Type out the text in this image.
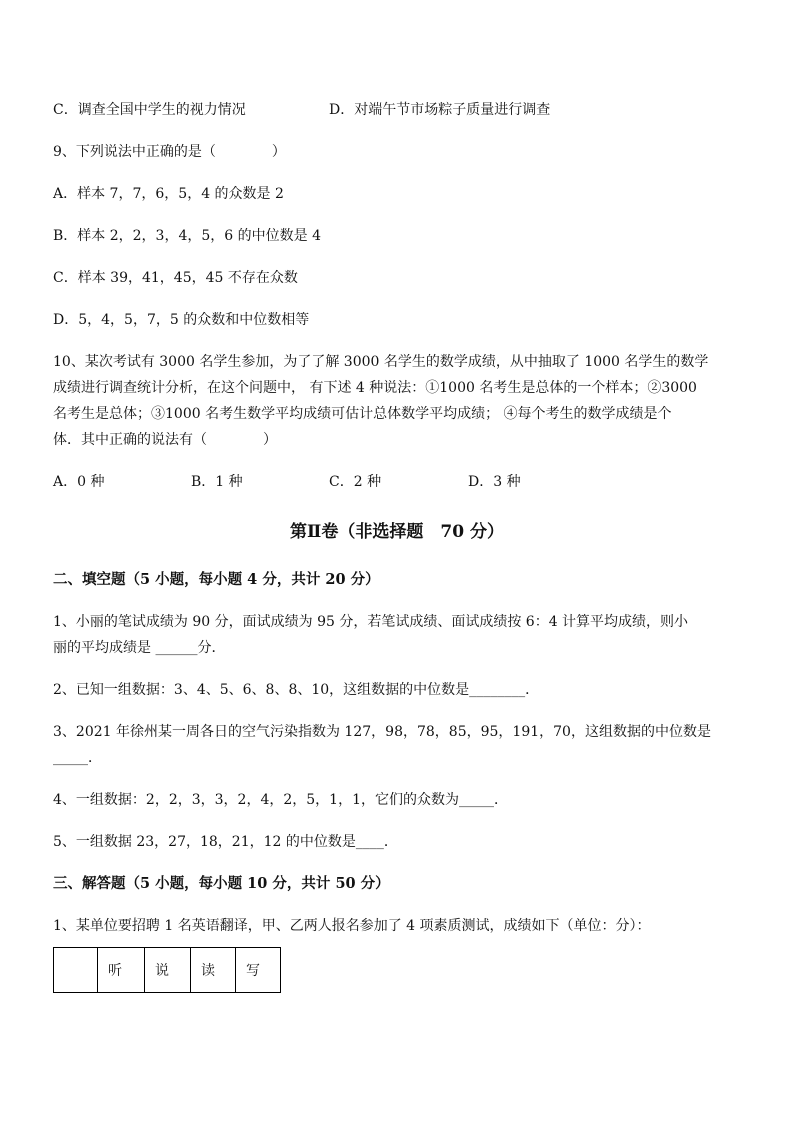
C．调查全国中学生的视力情况	D．对端午节市场粽子质量进行调查
9、下列说法中正确的是（　　　　）
A．样本 7，7，6，5，4 的众数是 2
B．样本 2，2，3，4，5，6 的中位数是 4
C．样本 39，41，45，45 不存在众数
D．5，4，5，7，5 的众数和中位数相等
10、某次考试有 3000 名学生参加，为了了解 3000 名学生的数学成绩，从中抽取了 1000 名学生的数学
成绩进行调查统计分析，在这个问题中， 有下述 4 种说法：①1000 名考生是总体的一个样本；②3000
名考生是总体；③1000 名考生数学平均成绩可估计总体数学平均成绩； ④每个考生的数学成绩是个
体．其中正确的说法有（　　　　）
A．0 种	B．1 种	C．2 种	D．3 种
第Ⅱ卷（非选择题　70 分）
二、填空题（5 小题，每小题 4 分，共计 20 分）
1、小丽的笔试成绩为 90 分，面试成绩为 95 分，若笔试成绩、面试成绩按 6：4 计算平均成绩，则小
丽的平均成绩是 ______分．
2、已知一组数据：3、4、5、6、8、8、10，这组数据的中位数是________．
3、2021 年徐州某一周各日的空气污染指数为 127，98，78，85，95，191，70，这组数据的中位数是
_____．
4、一组数据：2，2，3，3，2，4，2，5，1，1，它们的众数为_____．
5、一组数据 23，27，18，21，12 的中位数是____．
三、解答题（5 小题，每小题 10 分，共计 50 分）
1、某单位要招聘 1 名英语翻译，甲、乙两人报名参加了 4 项素质测试，成绩如下（单位：分）：
	听	说	读	写
